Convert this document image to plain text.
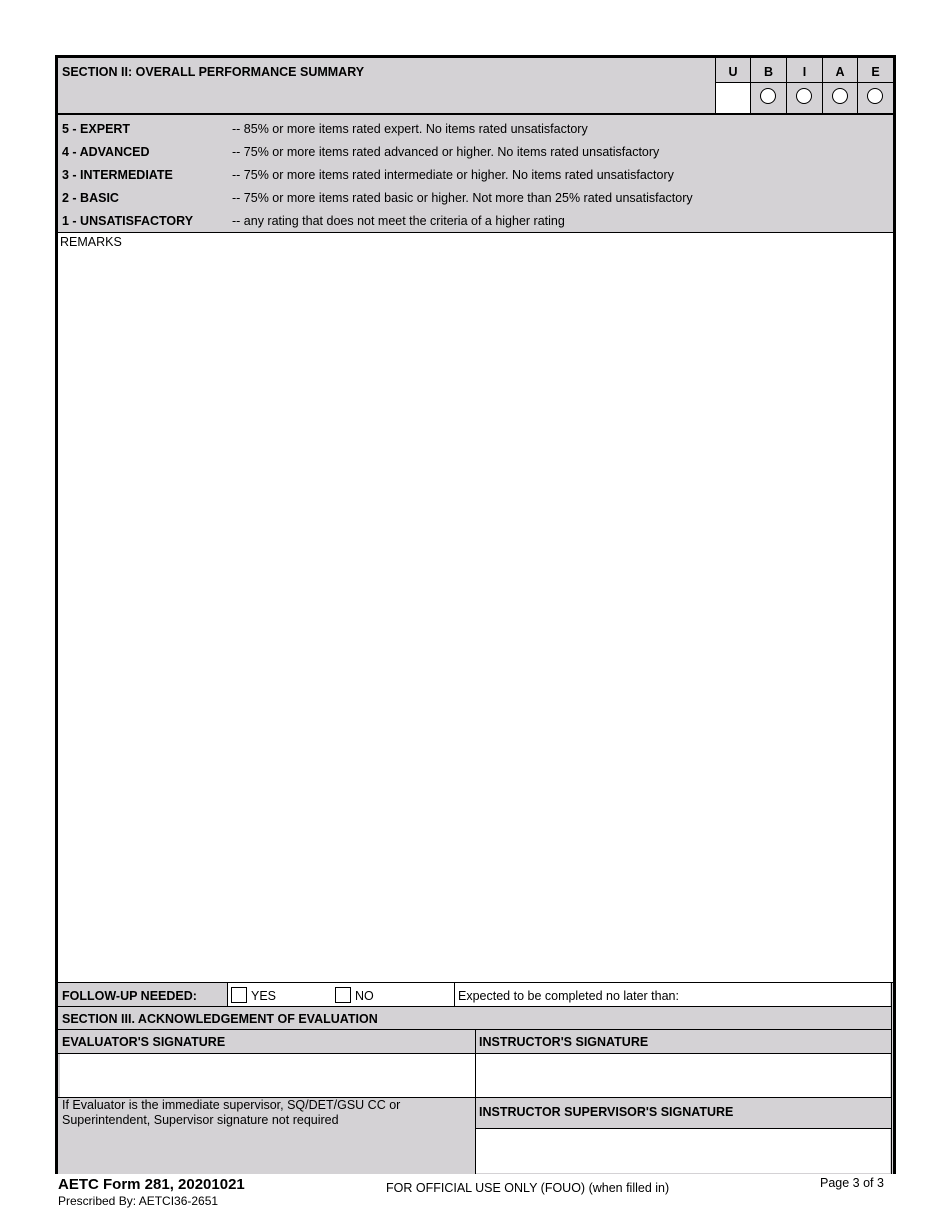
SECTION II: OVERALL PERFORMANCE SUMMARY	U	B	I	A	E
5 - EXPERT	-- 85% or more items rated expert. No items rated unsatisfactory
4 - ADVANCED	-- 75% or more items rated advanced or higher. No items rated unsatisfactory
3 - INTERMEDIATE	-- 75% or more items rated intermediate or higher. No items rated unsatisfactory
2 - BASIC	-- 75% or more items rated basic or higher. Not more than 25% rated unsatisfactory
1 - UNSATISFACTORY	-- any rating that does not meet the criteria of a higher rating
REMARKS
FOLLOW-UP NEEDED:	YES	NO	Expected to be completed no later than:
SECTION III. ACKNOWLEDGEMENT OF EVALUATION
EVALUATOR'S SIGNATURE	INSTRUCTOR'S SIGNATURE
If Evaluator is the immediate supervisor, SQ/DET/GSU CC or Superintendent, Supervisor signature not required
INSTRUCTOR SUPERVISOR'S SIGNATURE
AETC Form 281, 20201021
Prescribed By: AETCI36-2651
FOR OFFICIAL USE ONLY (FOUO) (when filled in)	Page 3 of 3
